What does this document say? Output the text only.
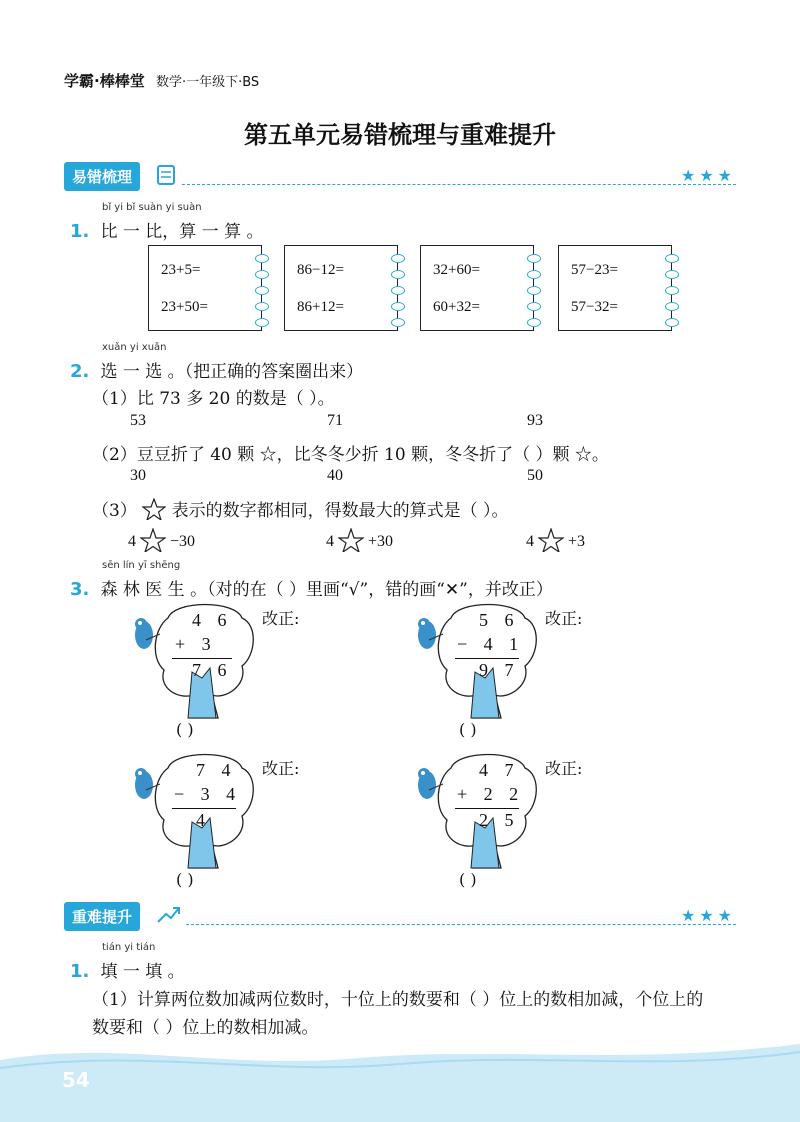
学霸·棒棒堂 数学·一年级下·BS
第五单元易错梳理与重难提升
易错梳理	★★★
bǐ yi bǐ suàn yi suàn
1. 比 一 比，算 一 算 。
23+5=
23+50=
86−12=
86+12=
32+60=
60+32=
57−23=
57−32=
xuǎn yi xuǎn
2. 选 一 选 。（把正确的答案圈出来）
（1）比 73 多 20 的数是（ ）。
53	71	93
（2）豆豆折了 40 颗 ☆，比冬冬少折 10 颗，冬冬折了（ ）颗 ☆。
30	40	50
（3） 表示的数字都相同，得数最大的算式是（ ）。
4 −30	4 +30	4 +3
sēn lín yī shēng
3. 森 林 医 生 。（对的在（ ）里画“√”，错的画“✕”，并改正）
4 6
+ 3
7 6
改正:
( )
5 6
− 4 1
9 7
改正:
( )
7 4
− 3 4
4
改正:
( )
4 7
+ 2 2
2 5
改正:
( )
重难提升	★★★
tián yi tián
1. 填 一 填 。
（1）计算两位数加减两位数时，十位上的数要和（ ）位上的数相加减，个位上的
数要和（ ）位上的数相加减。
54
